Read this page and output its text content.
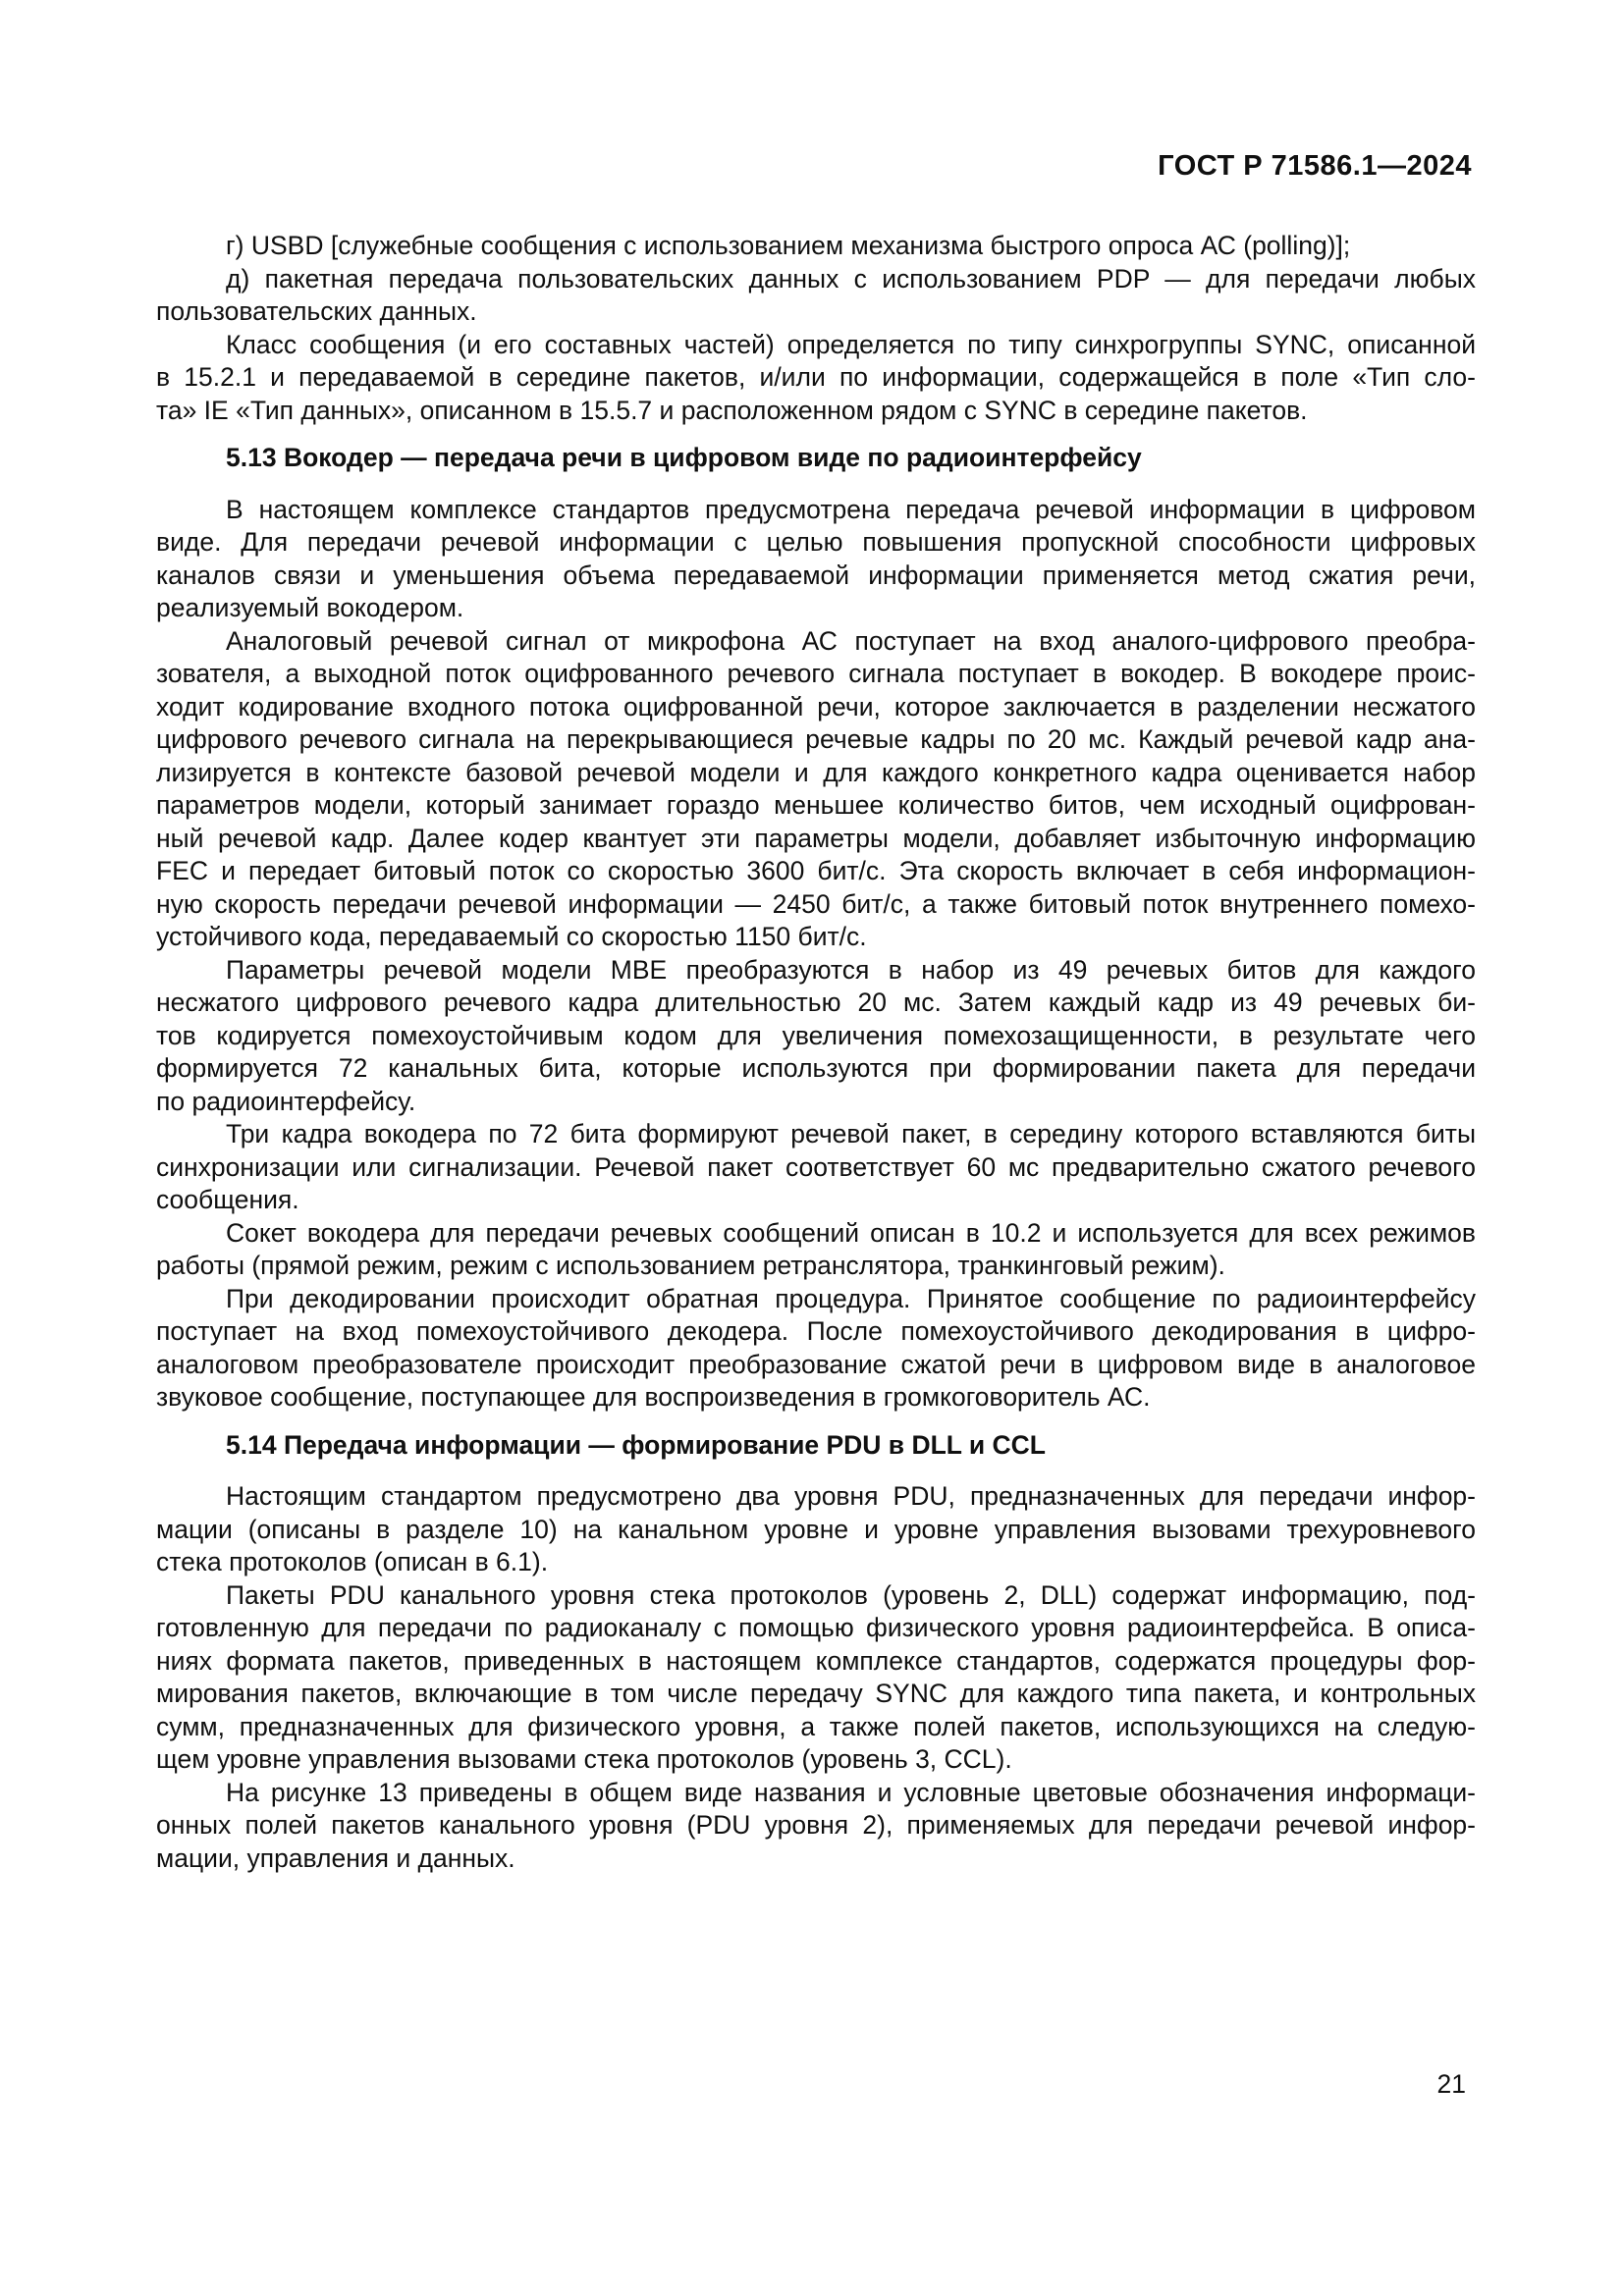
ГОСТ Р 71586.1—2024
г) USBD [служебные сообщения с использованием механизма быстрого опроса АС (polling)];
д) пакетная передача пользовательских данных с использованием PDP — для передачи любых
пользовательских данных.
Класс сообщения (и его составных частей) определяется по типу синхрогруппы SYNC, описанной
в 15.2.1 и передаваемой в середине пакетов, и/или по информации, содержащейся в поле «Тип сло-
та» IE «Тип данных», описанном в 15.5.7 и расположенном рядом с SYNC в середине пакетов.
5.13 Вокодер — передача речи в цифровом виде по радиоинтерфейсу
В настоящем комплексе стандартов предусмотрена передача речевой информации в цифровом
виде. Для передачи речевой информации с целью повышения пропускной способности цифровых
каналов связи и уменьшения объема передаваемой информации применяется метод сжатия речи,
реализуемый вокодером.
Аналоговый речевой сигнал от микрофона АС поступает на вход аналого-цифрового преобра-
зователя, а выходной поток оцифрованного речевого сигнала поступает в вокодер. В вокодере проис-
ходит кодирование входного потока оцифрованной речи, которое заключается в разделении несжатого
цифрового речевого сигнала на перекрывающиеся речевые кадры по 20 мс. Каждый речевой кадр ана-
лизируется в контексте базовой речевой модели и для каждого конкретного кадра оценивается набор
параметров модели, который занимает гораздо меньшее количество битов, чем исходный оцифрован-
ный речевой кадр. Далее кодер квантует эти параметры модели, добавляет избыточную информацию
FEC и передает битовый поток со скоростью 3600 бит/с. Эта скорость включает в себя информацион-
ную скорость передачи речевой информации — 2450 бит/с, а также битовый поток внутреннего помехо-
устойчивого кода, передаваемый со скоростью 1150 бит/с.
Параметры речевой модели MBE преобразуются в набор из 49 речевых битов для каждого
несжатого цифрового речевого кадра длительностью 20 мс. Затем каждый кадр из 49 речевых би-
тов кодируется помехоустойчивым кодом для увеличения помехозащищенности, в результате чего
формируется 72 канальных бита, которые используются при формировании пакета для передачи
по радиоинтерфейсу.
Три кадра вокодера по 72 бита формируют речевой пакет, в середину которого вставляются биты
синхронизации или сигнализации. Речевой пакет соответствует 60 мс предварительно сжатого речевого
сообщения.
Сокет вокодера для передачи речевых сообщений описан в 10.2 и используется для всех режимов
работы (прямой режим, режим с использованием ретранслятора, транкинговый режим).
При декодировании происходит обратная процедура. Принятое сообщение по радиоинтерфейсу
поступает на вход помехоустойчивого декодера. После помехоустойчивого декодирования в цифро-
аналоговом преобразователе происходит преобразование сжатой речи в цифровом виде в аналоговое
звуковое сообщение, поступающее для воспроизведения в громкоговоритель АС.
5.14 Передача информации — формирование PDU в DLL и CCL
Настоящим стандартом предусмотрено два уровня PDU, предназначенных для передачи инфор-
мации (описаны в разделе 10) на канальном уровне и уровне управления вызовами трехуровневого
стека протоколов (описан в 6.1).
Пакеты PDU канального уровня стека протоколов (уровень 2, DLL) содержат информацию, под-
готовленную для передачи по радиоканалу с помощью физического уровня радиоинтерфейса. В описа-
ниях формата пакетов, приведенных в настоящем комплексе стандартов, содержатся процедуры фор-
мирования пакетов, включающие в том числе передачу SYNC для каждого типа пакета, и контрольных
сумм, предназначенных для физического уровня, а также полей пакетов, использующихся на следую-
щем уровне управления вызовами стека протоколов (уровень 3, CCL).
На рисунке 13 приведены в общем виде названия и условные цветовые обозначения информаци-
онных полей пакетов канального уровня (PDU уровня 2), применяемых для передачи речевой инфор-
мации, управления и данных.
21
